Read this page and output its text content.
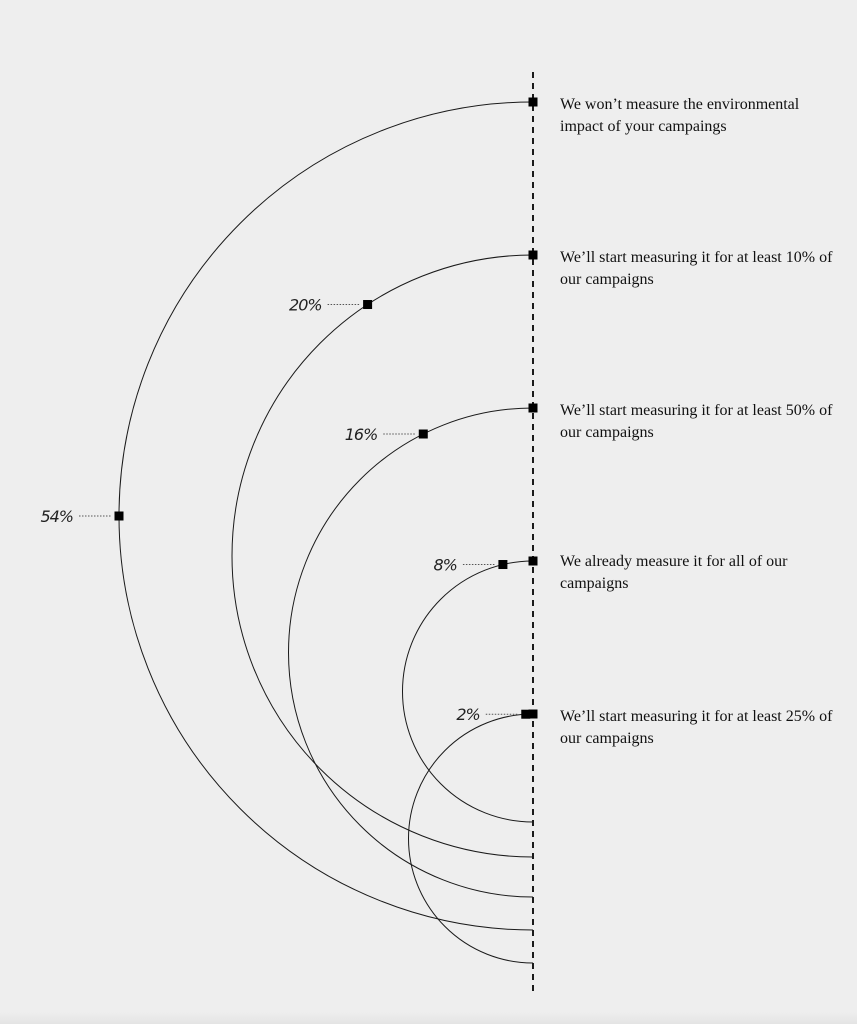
54%
20%
16%
8%
2%
We won’t measure the environmental impact of your campaings
We’ll start measuring it for at least 10% of our campaigns
We’ll start measuring it for at least 50% of our campaigns
We already measure it for all of our campaigns
We’ll start measuring it for at least 25% of our campaigns
